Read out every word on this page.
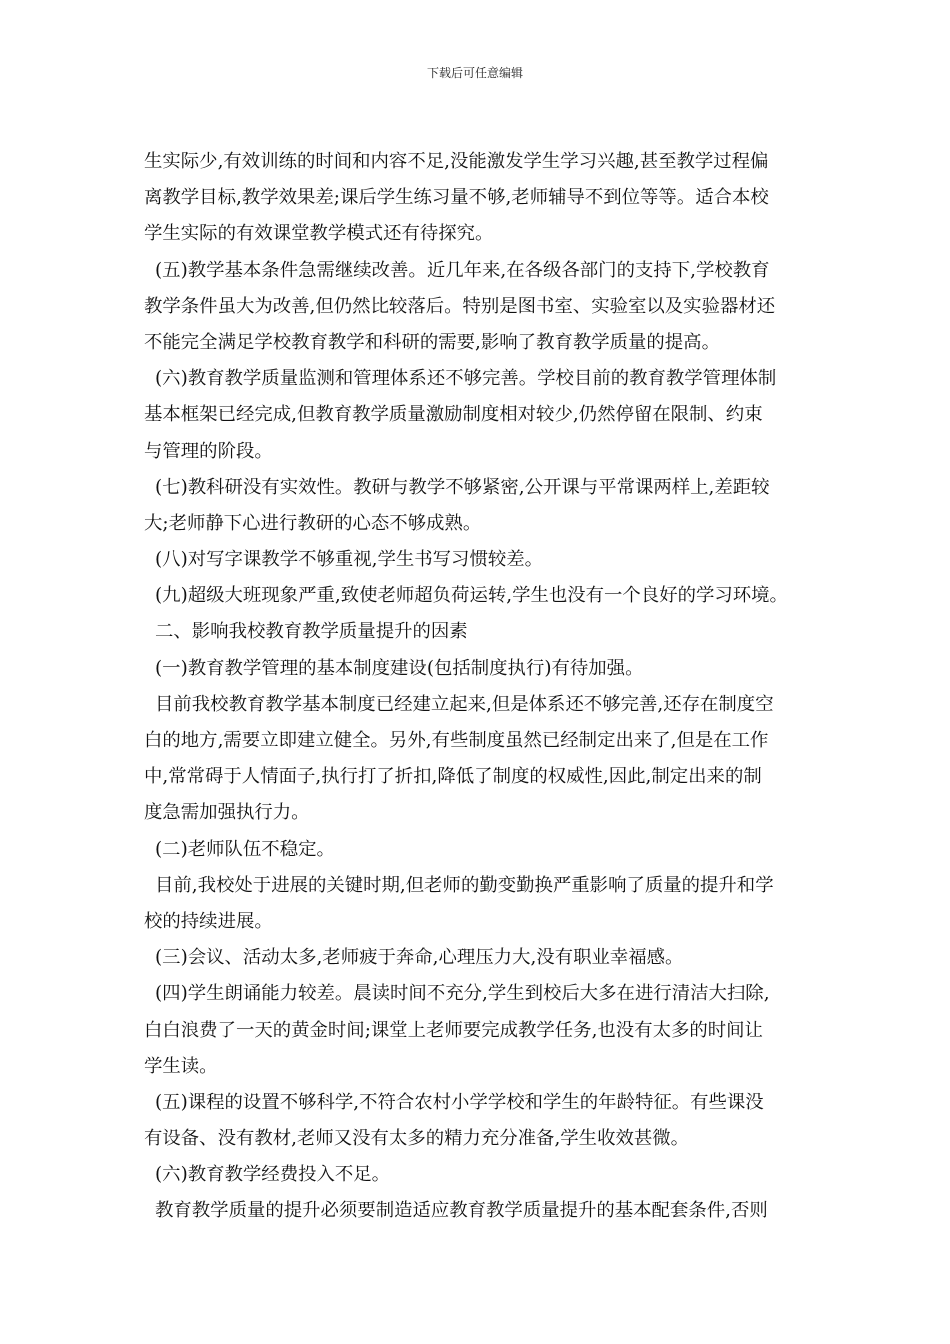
下载后可任意编辑
生实际少,有效训练的时间和内容不足,没能激发学生学习兴趣,甚至教学过程偏
离教学目标,教学效果差;课后学生练习量不够,老师辅导不到位等等。适合本校
学生实际的有效课堂教学模式还有待探究。
(五)教学基本条件急需继续改善。近几年来,在各级各部门的支持下,学校教育
教学条件虽大为改善,但仍然比较落后。特别是图书室、实验室以及实验器材还
不能完全满足学校教育教学和科研的需要,影响了教育教学质量的提高。
(六)教育教学质量监测和管理体系还不够完善。学校目前的教育教学管理体制
基本框架已经完成,但教育教学质量激励制度相对较少,仍然停留在限制、约束
与管理的阶段。
(七)教科研没有实效性。教研与教学不够紧密,公开课与平常课两样上,差距较
大;老师静下心进行教研的心态不够成熟。
(八)对写字课教学不够重视,学生书写习惯较差。
(九)超级大班现象严重,致使老师超负荷运转,学生也没有一个良好的学习环境。
二、影响我校教育教学质量提升的因素
(一)教育教学管理的基本制度建设(包括制度执行)有待加强。
目前我校教育教学基本制度已经建立起来,但是体系还不够完善,还存在制度空
白的地方,需要立即建立健全。另外,有些制度虽然已经制定出来了,但是在工作
中,常常碍于人情面子,执行打了折扣,降低了制度的权威性,因此,制定出来的制
度急需加强执行力。
(二)老师队伍不稳定。
目前,我校处于进展的关键时期,但老师的勤变勤换严重影响了质量的提升和学
校的持续进展。
(三)会议、活动太多,老师疲于奔命,心理压力大,没有职业幸福感。
(四)学生朗诵能力较差。晨读时间不充分,学生到校后大多在进行清洁大扫除,
白白浪费了一天的黄金时间;课堂上老师要完成教学任务,也没有太多的时间让
学生读。
(五)课程的设置不够科学,不符合农村小学学校和学生的年龄特征。有些课没
有设备、没有教材,老师又没有太多的精力充分准备,学生收效甚微。
(六)教育教学经费投入不足。
教育教学质量的提升必须要制造适应教育教学质量提升的基本配套条件,否则
